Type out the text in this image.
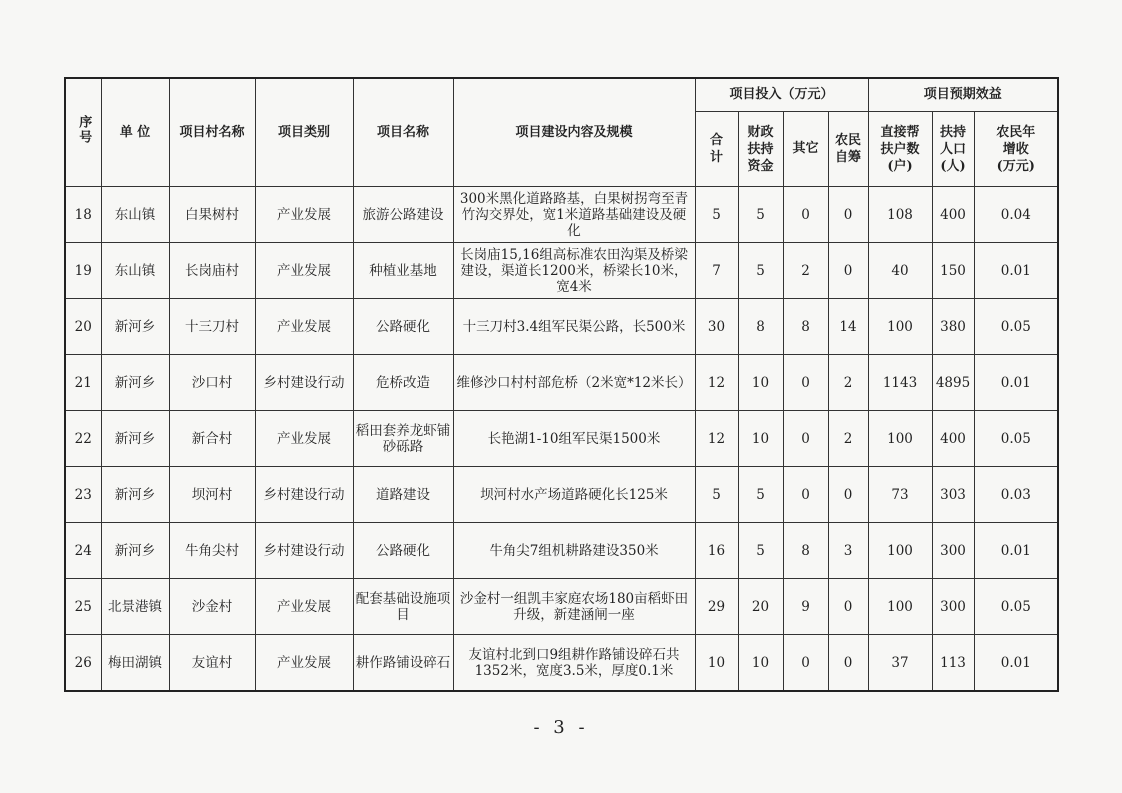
序号	单 位	项目村名称	项目类别	项目名称	项目建设内容及规模	项目投入（万元）				项目预期效益		
						合计	财政扶持资金	其它	农民自筹	直接帮扶户数(户)	扶持人口(人)	农民年增收(万元)
18	东山镇	白果树村	产业发展	旅游公路建设	300米黑化道路路基，白果树拐弯至青竹沟交界处，宽1米道路基础建设及硬化	5	5	0	0	108	400	0.04
19	东山镇	长岗庙村	产业发展	种植业基地	长岗庙15,16组高标准农田沟渠及桥梁建设，渠道长1200米，桥梁长10米，宽4米	7	5	2	0	40	150	0.01
20	新河乡	十三刀村	产业发展	公路硬化	十三刀村3.4组军民渠公路，长500米	30	8	8	14	100	380	0.05
21	新河乡	沙口村	乡村建设行动	危桥改造	维修沙口村村部危桥（2米宽*12米长）	12	10	0	2	1143	4895	0.01
22	新河乡	新合村	产业发展	稻田套养龙虾铺砂砾路	长艳湖1-10组军民渠1500米	12	10	0	2	100	400	0.05
23	新河乡	坝河村	乡村建设行动	道路建设	坝河村水产场道路硬化长125米	5	5	0	0	73	303	0.03
24	新河乡	牛角尖村	乡村建设行动	公路硬化	牛角尖7组机耕路建设350米	16	5	8	3	100	300	0.01
25	北景港镇	沙金村	产业发展	配套基础设施项目	沙金村一组凯丰家庭农场180亩稻虾田升级，新建涵闸一座	29	20	9	0	100	300	0.05
26	梅田湖镇	友谊村	产业发展	耕作路铺设碎石	友谊村北到口9组耕作路铺设碎石共1352米，宽度3.5米，厚度0.1米	10	10	0	0	37	113	0.01
- 3 -
